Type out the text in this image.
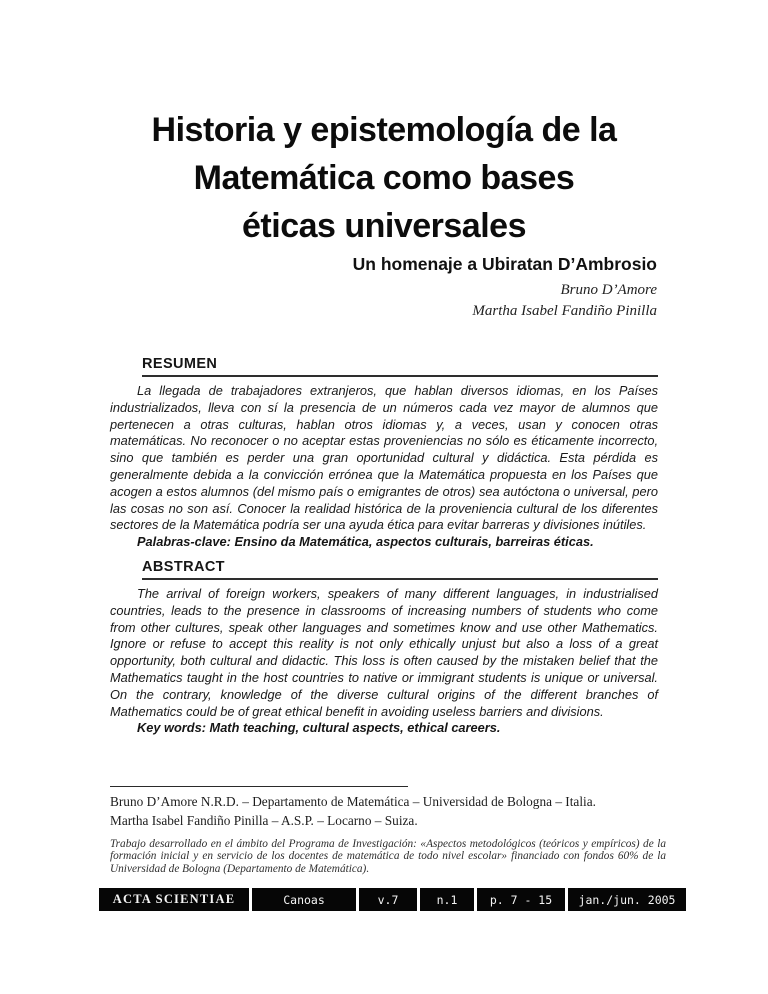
Historia y epistemología de la
Matemática como bases
éticas universales
Un homenaje a Ubiratan D’Ambrosio
Bruno D’Amore
Martha Isabel Fandiño Pinilla
RESUMEN
La llegada de trabajadores extranjeros, que hablan diversos idiomas, en los Países industrializados, lleva con sí la presencia de un números cada vez mayor de alumnos que pertenecen a otras culturas, hablan otros idiomas y, a veces, usan y conocen otras matemáticas. No reconocer o no aceptar estas proveniencias no sólo es éticamente incorrecto, sino que también es perder una gran oportunidad cultural y didáctica. Esta pérdida es generalmente debida a la convicción errónea que la Matemática propuesta en los Países que acogen a estos alumnos (del mismo país o emigrantes de otros) sea autóctona o universal, pero las cosas no son así. Conocer la realidad histórica de la proveniencia cultural de los diferentes sectores de la Matemática podría ser una ayuda ética para evitar barreras y divisiones inútiles.
Palabras-clave: Ensino da Matemática, aspectos culturais, barreiras éticas.
ABSTRACT
The arrival of foreign workers, speakers of many different languages, in industrialised countries, leads to the presence in classrooms of increasing numbers of students who come from other cultures, speak other languages and sometimes know and use other Mathematics. Ignore or refuse to accept this reality is not only ethically unjust but also a loss of a great opportunity, both cultural and didactic. This loss is often caused by the mistaken belief that the Mathematics taught in the host countries to native or immigrant students is unique or universal. On the contrary, knowledge of the diverse cultural origins of the different branches of Mathematics could be of great ethical benefit in avoiding useless barriers and divisions.
Key words: Math teaching, cultural aspects, ethical careers.
Bruno D’Amore N.R.D. – Departamento de Matemática – Universidad de Bologna – Italia.
Martha Isabel Fandiño Pinilla – A.S.P. – Locarno – Suiza.
Trabajo desarrollado en el ámbito del Programa de Investigación: «Aspectos metodológicos (teóricos y empíricos) de la formación inicial y en servicio de los docentes de matemática de todo nivel escolar» financiado con fondos 60% de la Universidad de Bologna (Departamento de Matemática).
ACTA SCIENTIAE	Canoas	v.7	n.1	p. 7 - 15	jan./jun. 2005
